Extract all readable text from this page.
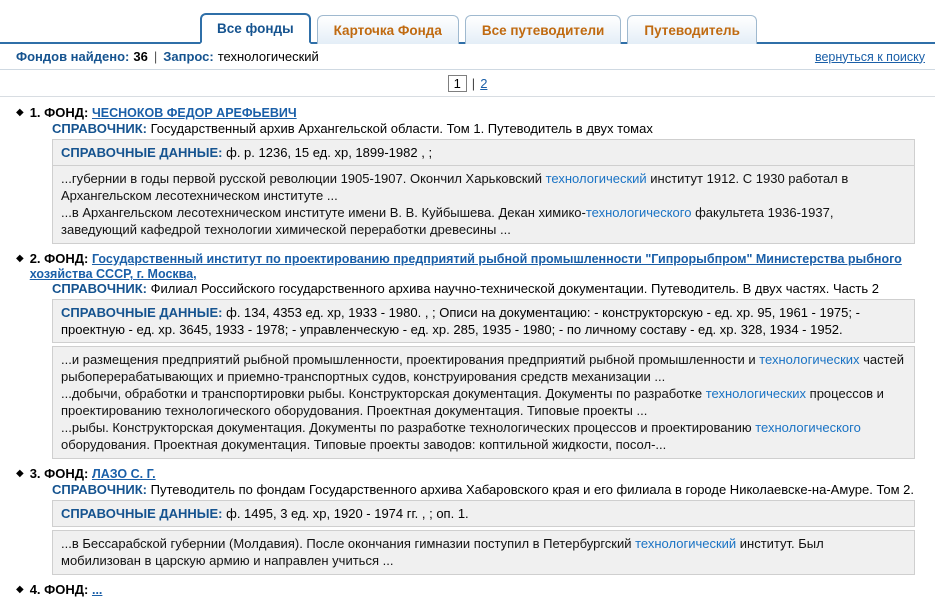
Все фонды	Карточка Фонда	Все путеводители	Путеводитель
Фондов найдено: 36 | Запрос: технологический	вернуться к поиску
1 | 2
◆ 1. ФОНД: ЧЕСНОКОВ ФЕДОР АРЕФЬЕВИЧ
СПРАВОЧНИК: Государственный архив Архангельской области. Том 1. Путеводитель в двух томах
СПРАВОЧНЫЕ ДАННЫЕ: ф. р. 1236, 15 ед. хр, 1899-1982 , ;

...губернии в годы первой русской революции 1905-1907. Окончил Харьковский технологический институт 1912. С 1930 работал в Архангельском лесотехническом институте ...

...в Архангельском лесотехническом институте имени В. В. Куйбышева. Декан химико-технологического факультета 1936-1937, заведующий кафедрой технологии химической переработки древесины ...

◆ 2. ФОНД: Государственный институт по проектированию предприятий рыбной промышленности "Гипрорыбпром" Министерства рыбного хозяйства СССР, г. Москва,
СПРАВОЧНИК: Филиал Российского государственного архива научно-технической документации. Путеводитель. В двух частях. Часть 2
СПРАВОЧНЫЕ ДАННЫЕ: ф. 134, 4353 ед. хр, 1933 - 1980. , ; Описи на документацию: - конструкторскую - ед. хр. 95, 1961 - 1975; - проектную - ед. хр. 3645, 1933 - 1978; - управленческую - ед. хр. 285, 1935 - 1980; - по личному составу - ед. хр. 328, 1934 - 1952.

...и размещения предприятий рыбной промышленности, проектирования предприятий рыбной промышленности и технологических частей рыбоперерабатывающих и приемно-транспортных судов, конструирования средств механизации ...

...добычи, обработки и транспортировки рыбы. Конструкторская документация. Документы по разработке технологических процессов и проектированию технологического оборудования. Проектная документация. Типовые проекты ...

...рыбы. Конструкторская документация. Документы по разработке технологических процессов и проектированию технологического оборудования. Проектная документация. Типовые проекты заводов: коптильной жидкости, посол-...

◆ 3. ФОНД: ЛАЗО С. Г.
СПРАВОЧНИК: Путеводитель по фондам Государственного архива Хабаровского края и его филиала в городе Николаевске-на-Амуре. Том 2.
СПРАВОЧНЫЕ ДАННЫЕ: ф. 1495, 3 ед. хр, 1920 - 1974 гг. , ; оп. 1.

...в Бессарабской губернии (Молдавия). После окончания гимназии поступил в Петербургский технологический институт. Был мобилизован в царскую армию и направлен учиться ...

◆ 4. ФОНД: ...
